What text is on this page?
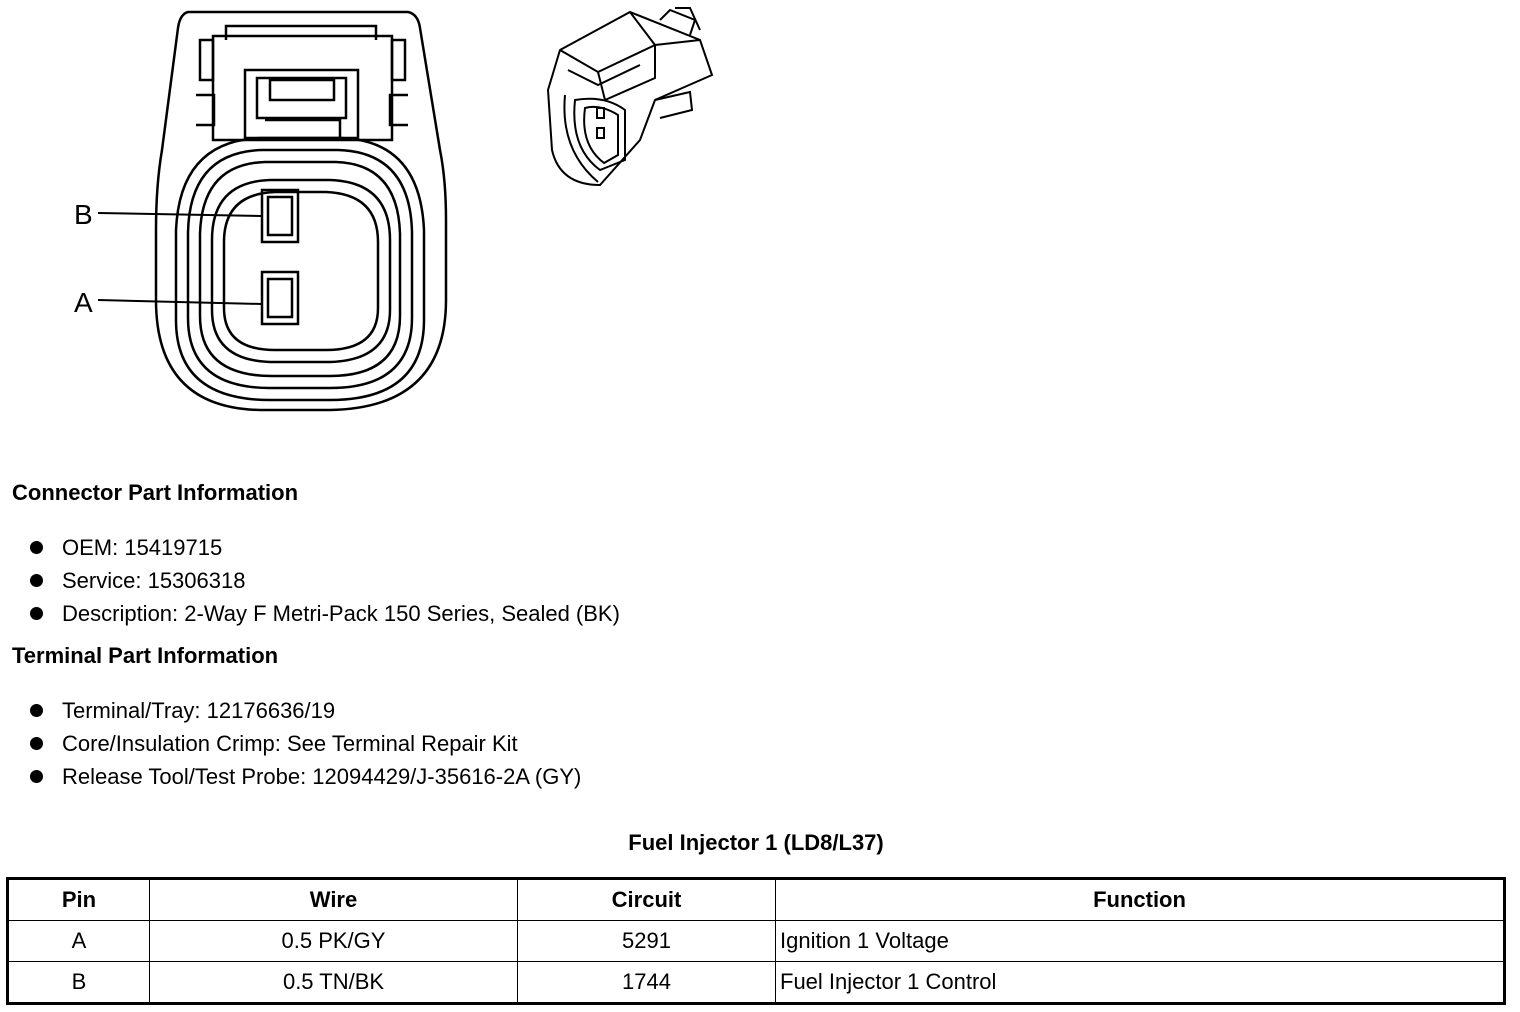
B
A
Connector Part Information
OEM: 15419715
Service: 15306318
Description: 2-Way F Metri-Pack 150 Series, Sealed (BK)
Terminal Part Information
Terminal/Tray: 12176636/19
Core/Insulation Crimp: See Terminal Repair Kit
Release Tool/Test Probe: 12094429/J-35616-2A (GY)
Fuel Injector 1 (LD8/L37)
Pin	Wire	Circuit	Function
A	0.5 PK/GY	5291	Ignition 1 Voltage
B	0.5 TN/BK	1744	Fuel Injector 1 Control
